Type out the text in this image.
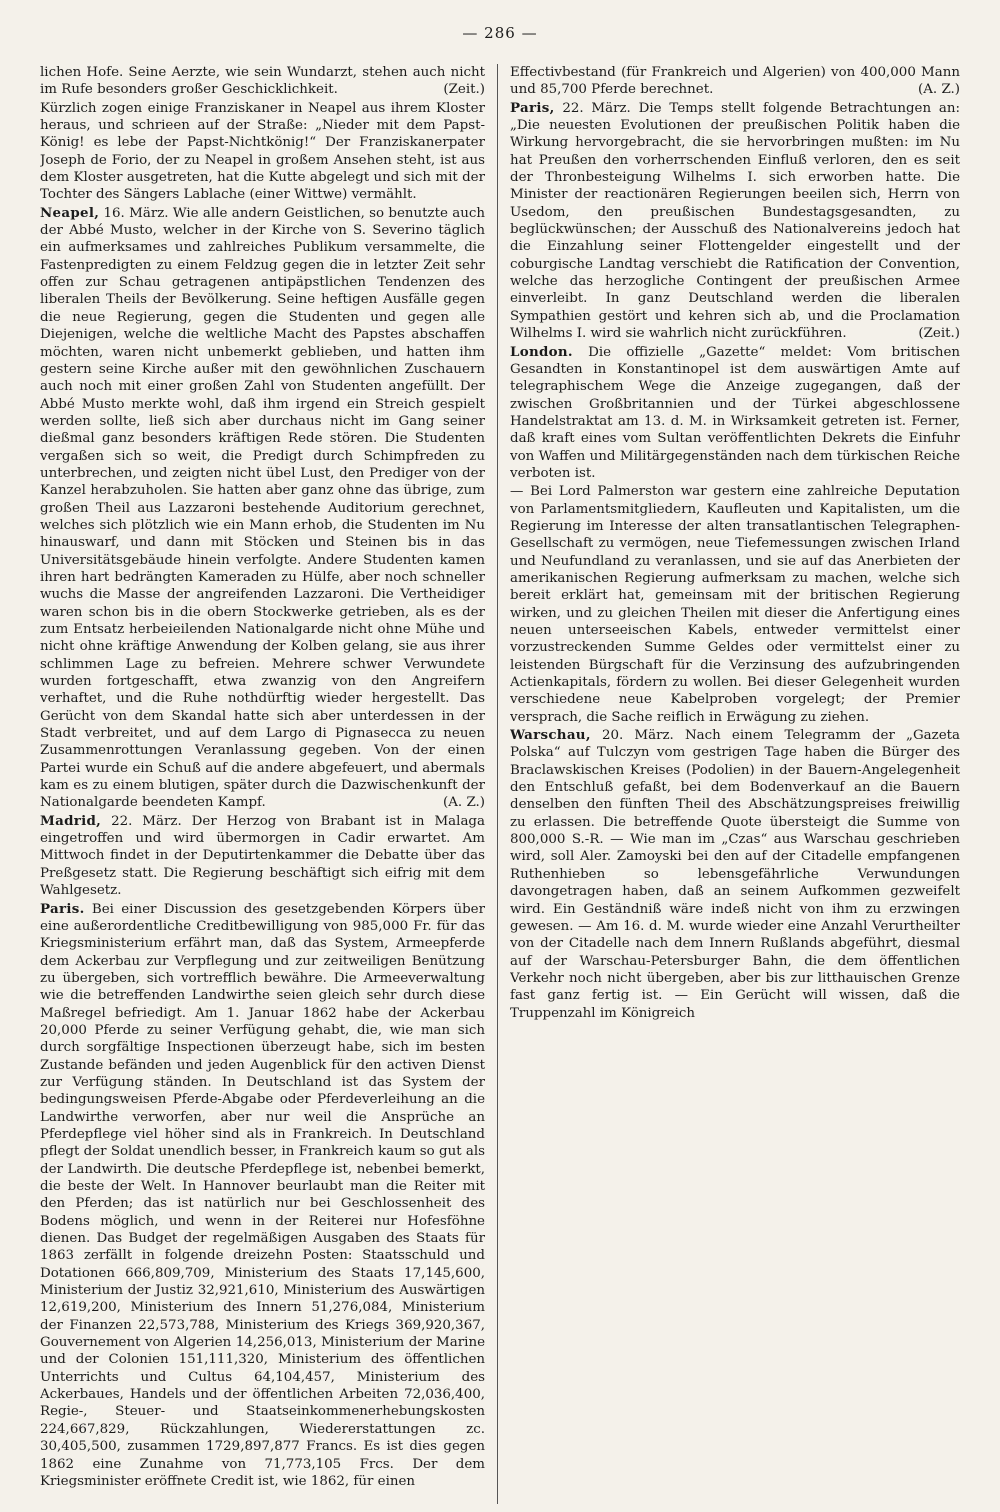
— 286 —

lichen Hofe. Seine Aerzte, wie sein Wundarzt, stehen auch nicht im Rufe besonders großer Geschicklichkeit.	(Zeit.)

Kürzlich zogen einige Franziskaner in Neapel aus ihrem Kloster heraus, und schrieen auf der Straße: „Nieder mit dem Papst-König! es lebe der Papst-Nichtkönig!“ Der Franziskanerpater Joseph de Forio, der zu Neapel in großem Ansehen steht, ist aus dem Kloster ausgetreten, hat die Kutte abgelegt und sich mit der Tochter des Sängers Lablache (einer Wittwe) vermählt.

Neapel, 16. März. Wie alle andern Geistlichen, so benutzte auch der Abbé Musto, welcher in der Kirche von S. Severino täglich ein aufmerksames und zahlreiches Publikum versammelte, die Fastenpredigten zu einem Feldzug gegen die in letzter Zeit sehr offen zur Schau getragenen antipäpstlichen Tendenzen des liberalen Theils der Bevölkerung. Seine heftigen Ausfälle gegen die neue Regierung, gegen die Studenten und gegen alle Diejenigen, welche die weltliche Macht des Papstes abschaffen möchten, waren nicht unbemerkt geblieben, und hatten ihm gestern seine Kirche außer mit den gewöhnlichen Zuschauern auch noch mit einer großen Zahl von Studenten angefüllt. Der Abbé Musto merkte wohl, daß ihm irgend ein Streich gespielt werden sollte, ließ sich aber durchaus nicht im Gang seiner dießmal ganz besonders kräftigen Rede stören. Die Studenten vergaßen sich so weit, die Predigt durch Schimpfreden zu unterbrechen, und zeigten nicht übel Lust, den Prediger von der Kanzel herabzuholen. Sie hatten aber ganz ohne das übrige, zum großen Theil aus Lazzaroni bestehende Auditorium gerechnet, welches sich plötzlich wie ein Mann erhob, die Studenten im Nu hinauswarf, und dann mit Stöcken und Steinen bis in das Universitätsgebäude hinein verfolgte. Andere Studenten kamen ihren hart bedrängten Kameraden zu Hülfe, aber noch schneller wuchs die Masse der angreifenden Lazzaroni. Die Vertheidiger waren schon bis in die obern Stockwerke getrieben, als es der zum Entsatz herbeieilenden Nationalgarde nicht ohne Mühe und nicht ohne kräftige Anwendung der Kolben gelang, sie aus ihrer schlimmen Lage zu befreien. Mehrere schwer Verwundete wurden fortgeschafft, etwa zwanzig von den Angreifern verhaftet, und die Ruhe nothdürftig wieder hergestellt. Das Gerücht von dem Skandal hatte sich aber unterdessen in der Stadt verbreitet, und auf dem Largo di Pignasecca zu neuen Zusammenrottungen Veranlassung gegeben. Von der einen Partei wurde ein Schuß auf die andere abgefeuert, und abermals kam es zu einem blutigen, später durch die Dazwischenkunft der Nationalgarde beendeten Kampf.	(A. Z.)

Madrid, 22. März. Der Herzog von Brabant ist in Malaga eingetroffen und wird übermorgen in Cadir erwartet. Am Mittwoch findet in der Deputirtenkammer die Debatte über das Preßgesetz statt. Die Regierung beschäftigt sich eifrig mit dem Wahlgesetz.

Paris. Bei einer Discussion des gesetzgebenden Körpers über eine außerordentliche Creditbewilligung von 985,000 Fr. für das Kriegsministerium erfährt man, daß das System, Armeepferde dem Ackerbau zur Verpflegung und zur zeitweiligen Benützung zu übergeben, sich vortrefflich bewähre. Die Armeeverwaltung wie die betreffenden Landwirthe seien gleich sehr durch diese Maßregel befriedigt. Am 1. Januar 1862 habe der Ackerbau 20,000 Pferde zu seiner Verfügung gehabt, die, wie man sich durch sorgfältige Inspectionen überzeugt habe, sich im besten Zustande befänden und jeden Augenblick für den activen Dienst zur Verfügung ständen. In Deutschland ist das System der bedingungsweisen Pferde-Abgabe oder Pferdeverleihung an die Landwirthe verworfen, aber nur weil die Ansprüche an Pferdepflege viel höher sind als in Frankreich. In Deutschland pflegt der Soldat unendlich besser, in Frankreich kaum so gut als der Landwirth. Die deutsche Pferdepflege ist, nebenbei bemerkt, die beste der Welt. In Hannover beurlaubt man die Reiter mit den Pferden; das ist natürlich nur bei Geschlossenheit des Bodens möglich, und wenn in der Reiterei nur Hofesföhne dienen. Das Budget der regelmäßigen Ausgaben des Staats für 1863 zerfällt in folgende dreizehn Posten: Staatsschuld und Dotationen 666,809,709, Ministerium des Staats 17,145,600, Ministerium der Justiz 32,921,610, Ministerium des Auswärtigen 12,619,200, Ministerium des Innern 51,276,084, Ministerium der Finanzen 22,573,788, Ministerium des Kriegs 369,920,367, Gouvernement von Algerien 14,256,013, Ministerium der Marine und der Colonien 151,111,320, Ministerium des öffentlichen Unterrichts und Cultus 64,104,457, Ministerium des Ackerbaues, Handels und der öffentlichen Arbeiten 72,036,400, Regie-, Steuer- und Staatseinkommenerhebungskosten 224,667,829, Rückzahlungen, Wiedererstattungen zc. 30,405,500, zusammen 1729,897,877 Francs. Es ist dies gegen 1862 eine Zunahme von 71,773,105 Frcs. Der dem Kriegsminister eröffnete Credit ist, wie 1862, für einen

Effectivbestand (für Frankreich und Algerien) von 400,000 Mann und 85,700 Pferde berechnet.	(A. Z.)

Paris, 22. März. Die Temps stellt folgende Betrachtungen an: „Die neuesten Evolutionen der preußischen Politik haben die Wirkung hervorgebracht, die sie hervorbringen mußten: im Nu hat Preußen den vorherrschenden Einfluß verloren, den es seit der Thronbesteigung Wilhelms I. sich erworben hatte. Die Minister der reactionären Regierungen beeilen sich, Herrn von Usedom, den preußischen Bundestagsgesandten, zu beglückwünschen; der Ausschuß des Nationalvereins jedoch hat die Einzahlung seiner Flottengelder eingestellt und der coburgische Landtag verschiebt die Ratification der Convention, welche das herzogliche Contingent der preußischen Armee einverleibt. In ganz Deutschland werden die liberalen Sympathien gestört und kehren sich ab, und die Proclamation Wilhelms I. wird sie wahrlich nicht zurückführen.	(Zeit.)

London. Die offizielle „Gazette“ meldet: Vom britischen Gesandten in Konstantinopel ist dem auswärtigen Amte auf telegraphischem Wege die Anzeige zugegangen, daß der zwischen Großbritannien und der Türkei abgeschlossene Handelstraktat am 13. d. M. in Wirksamkeit getreten ist. Ferner, daß kraft eines vom Sultan veröffentlichten Dekrets die Einfuhr von Waffen und Militärgegenständen nach dem türkischen Reiche verboten ist.

— Bei Lord Palmerston war gestern eine zahlreiche Deputation von Parlamentsmitgliedern, Kaufleuten und Kapitalisten, um die Regierung im Interesse der alten transatlantischen Telegraphen-Gesellschaft zu vermögen, neue Tiefemessungen zwischen Irland und Neufundland zu veranlassen, und sie auf das Anerbieten der amerikanischen Regierung aufmerksam zu machen, welche sich bereit erklärt hat, gemeinsam mit der britischen Regierung wirken, und zu gleichen Theilen mit dieser die Anfertigung eines neuen unterseeischen Kabels, entweder vermittelst einer vorzustreckenden Summe Geldes oder vermittelst einer zu leistenden Bürgschaft für die Verzinsung des aufzubringenden Actienkapitals, fördern zu wollen. Bei dieser Gelegenheit wurden verschiedene neue Kabelproben vorgelegt; der Premier versprach, die Sache reiflich in Erwägung zu ziehen.

Warschau, 20. März. Nach einem Telegramm der „Gazeta Polska“ auf Tulczyn vom gestrigen Tage haben die Bürger des Braclawskischen Kreises (Podolien) in der Bauern-Angelegenheit den Entschluß gefaßt, bei dem Bodenverkauf an die Bauern denselben den fünften Theil des Abschätzungspreises freiwillig zu erlassen. Die betreffende Quote übersteigt die Summe von 800,000 S.-R. — Wie man im „Czas“ aus Warschau geschrieben wird, soll Aler. Zamoyski bei den auf der Citadelle empfangenen Ruthenhieben so lebensgefährliche Verwundungen davongetragen haben, daß an seinem Aufkommen gezweifelt wird. Ein Geständniß wäre indeß nicht von ihm zu erzwingen gewesen. — Am 16. d. M. wurde wieder eine Anzahl Verurtheilter von der Citadelle nach dem Innern Rußlands abgeführt, diesmal auf der Warschau-Petersburger Bahn, die dem öffentlichen Verkehr noch nicht übergeben, aber bis zur litthauischen Grenze fast ganz fertig ist. — Ein Gerücht will wissen, daß die Truppenzahl im Königreich
